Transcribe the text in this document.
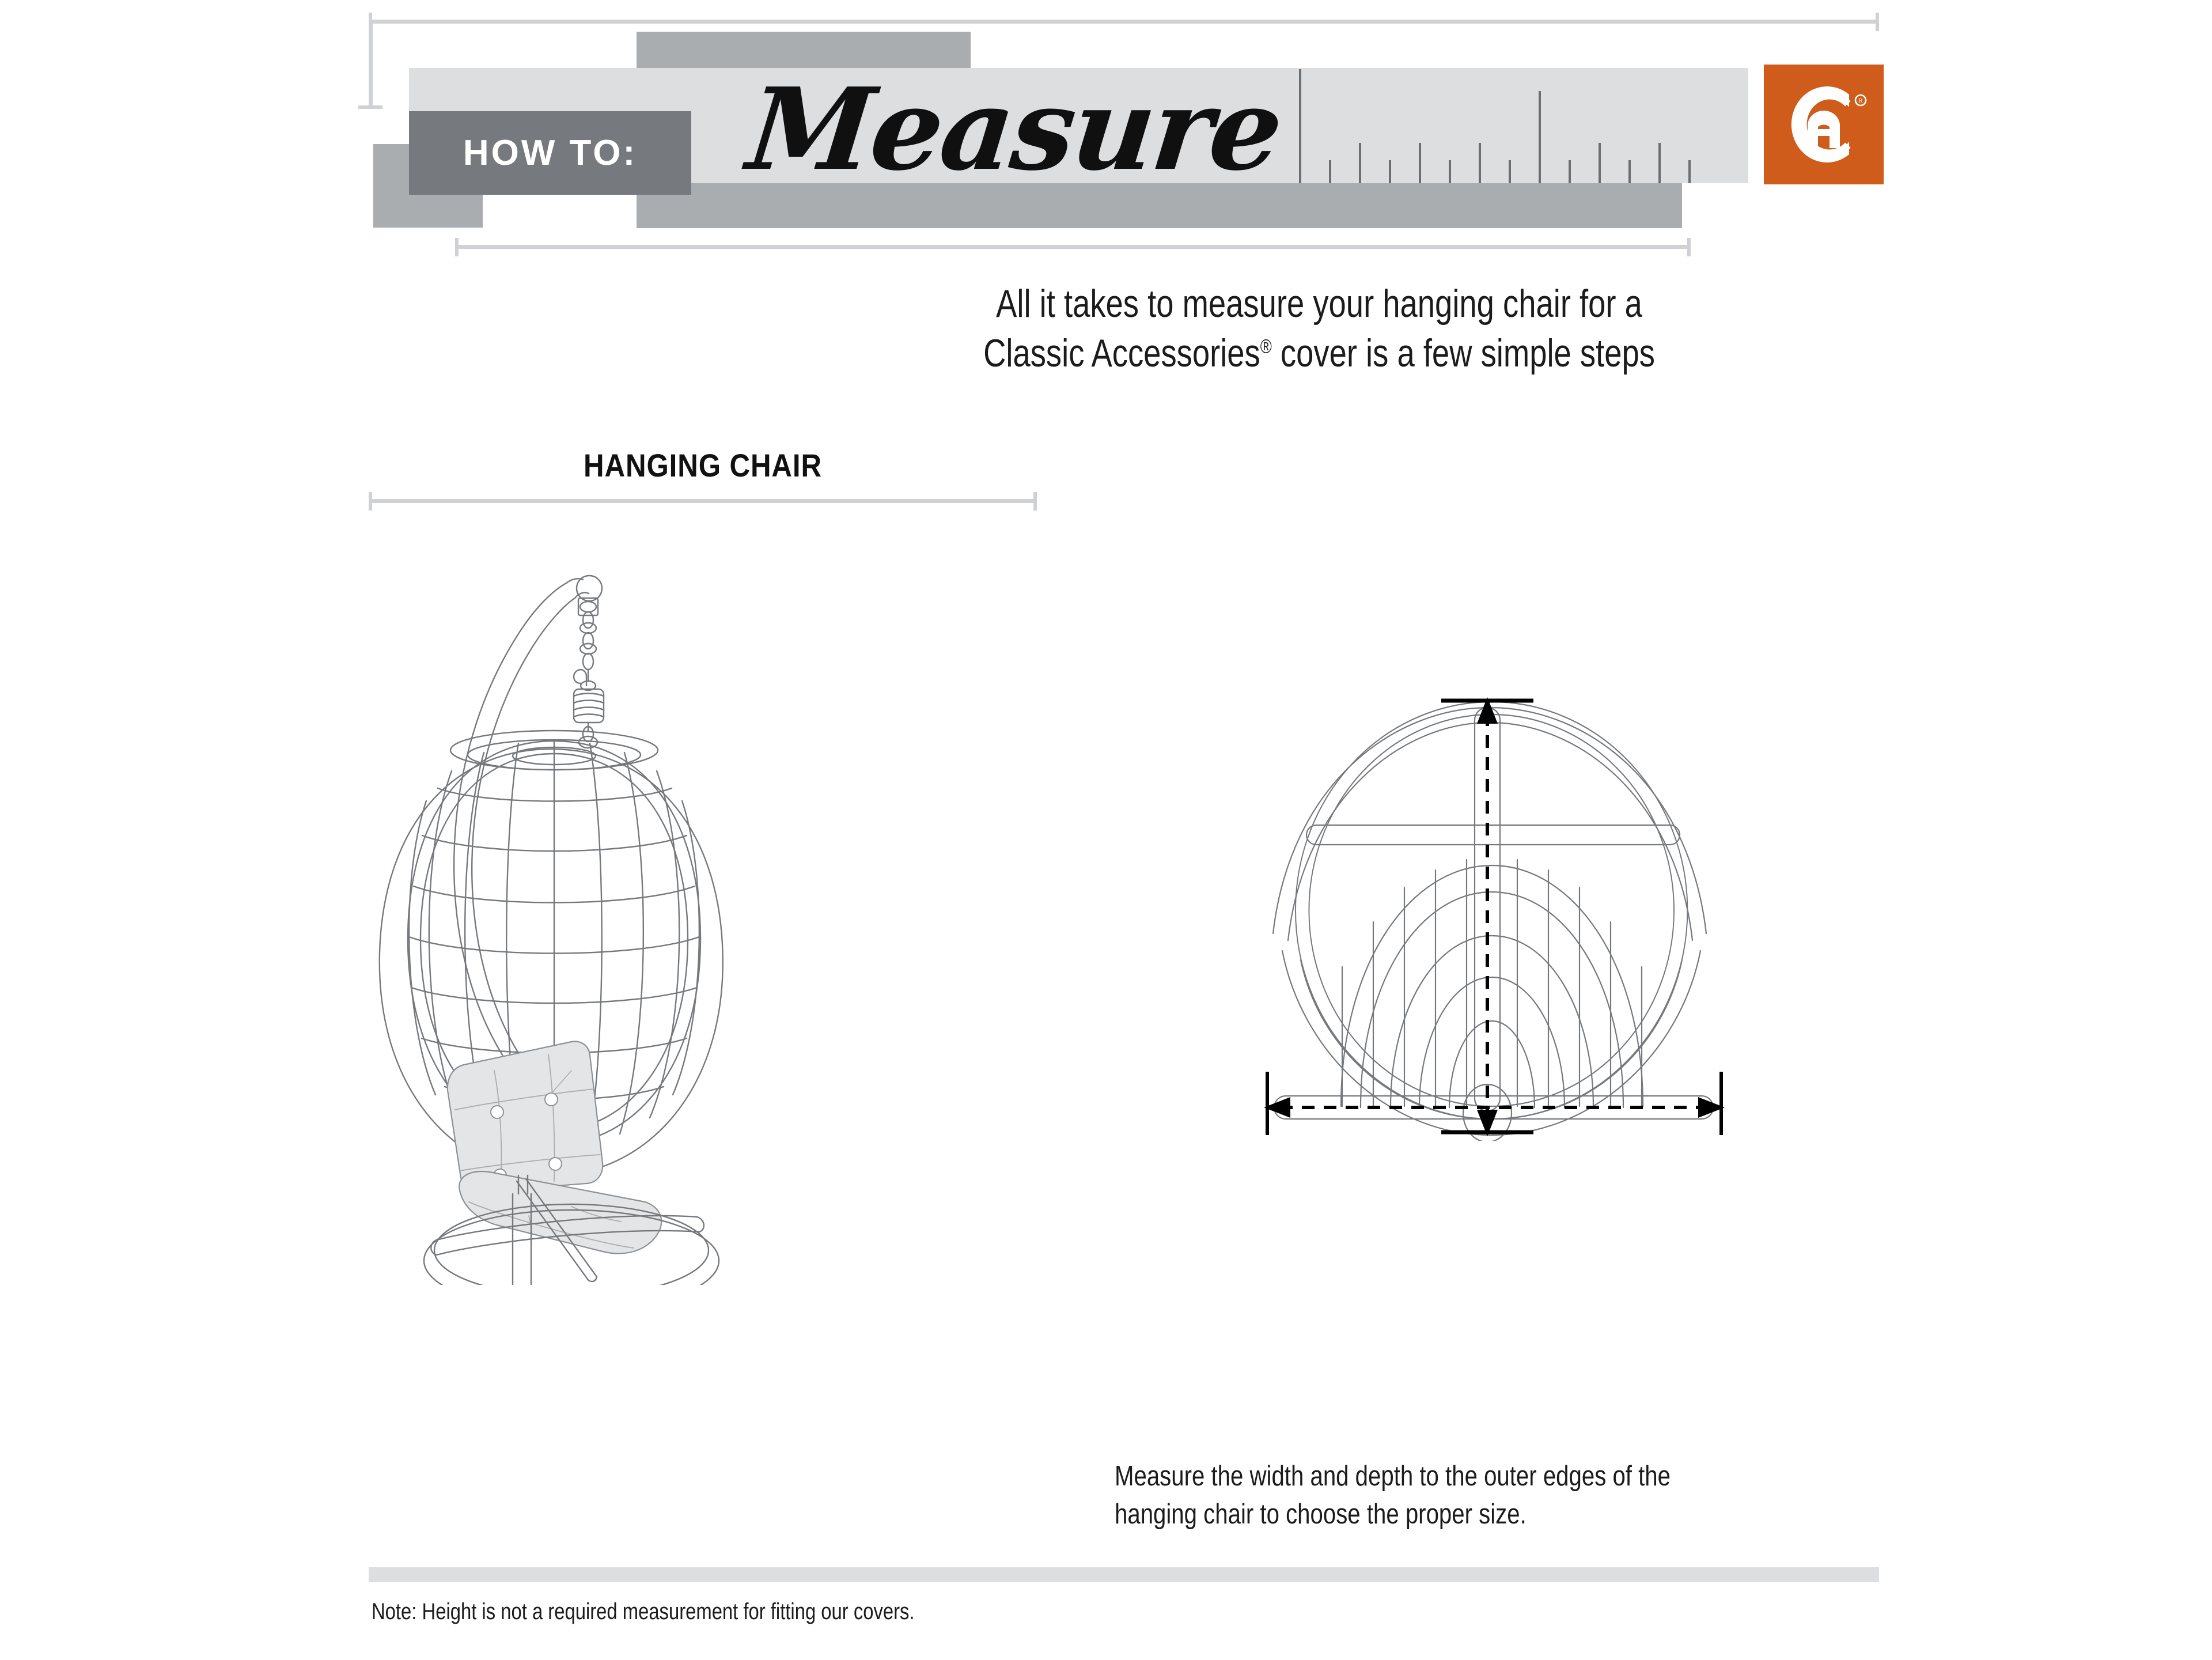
HOW TO: Measure	R
All it takes to measure your hanging chair for a
Classic Accessories® cover is a few simple steps
HANGING CHAIR
Measure the width and depth to the outer edges of the
hanging chair to choose the proper size.
Note: Height is not a required measurement for fitting our covers.
